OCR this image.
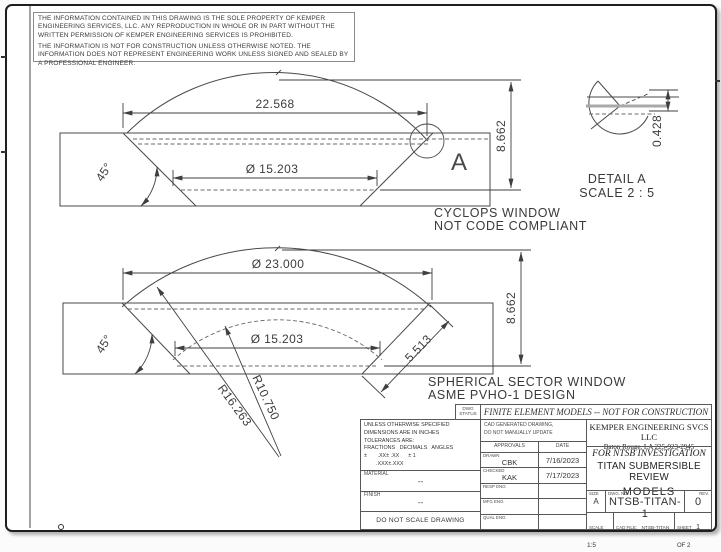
22.568
Ø 15.203
45°
8.662
A
CYCLOPS WINDOW
NOT CODE COMPLIANT
0.428
DETAIL A
SCALE 2 : 5
Ø 23.000
Ø 15.203
45°
8.662
5.513
R16.263
R10.750	SPHERICAL SECTOR WINDOW
ASME PVHO-1 DESIGN

THE INFORMATION CONTAINED IN THIS DRAWING IS THE SOLE PROPERTY OF KEMPER ENGINEERING SERVICES, LLC. ANY REPRODUCTION IN WHOLE OR IN PART WITHOUT THE WRITTEN PERMISSION OF KEMPER ENGINEERING SERVICES IS PROHIBITED.

THE INFORMATION IS NOT FOR CONSTRUCTION UNLESS OTHERWISE NOTED. THE INFORMATION DOES NOT REPRESENT ENGINEERING WORK UNLESS SIGNED AND SEALED BY A PROFESSIONAL ENGINEER.

DWG STATUS FINITE ELEMENT MODELS -- NOT FOR CONSTRUCTION
UNLESS OTHERWISE SPECIFIED
DIMENSIONS ARE IN INCHES
TOLERANCES ARE:
FRACTIONS   DECIMALS   ANGLES
±       .XX± .XX      ± 1
.XXX±.XXX
MATERIAL
--
FINISH
--
DO NOT SCALE DRAWING
CAD GENERATED DRAWING,
DO NOT MANUALLY UPDATE
APPROVALS	DATE
DRAWN
CBK	7/16/2023
CHECKED
KAK	7/17/2023
RESP ENG
MFG ENG
QUAL ENG
KEMPER ENGINEERING SVCS LLC
Baton Rouge, LA 225-923-2945
FOR NTSB INVESTIGATION
TITAN SUBMERSIBLE REVIEW
MODELS
SIZE
A
DWG. NO.
NTSB-TITAN-1
REV.
0
SCALE 1:5
CAD FILE: NTSB-TITAN	SHEET 1 OF 2
